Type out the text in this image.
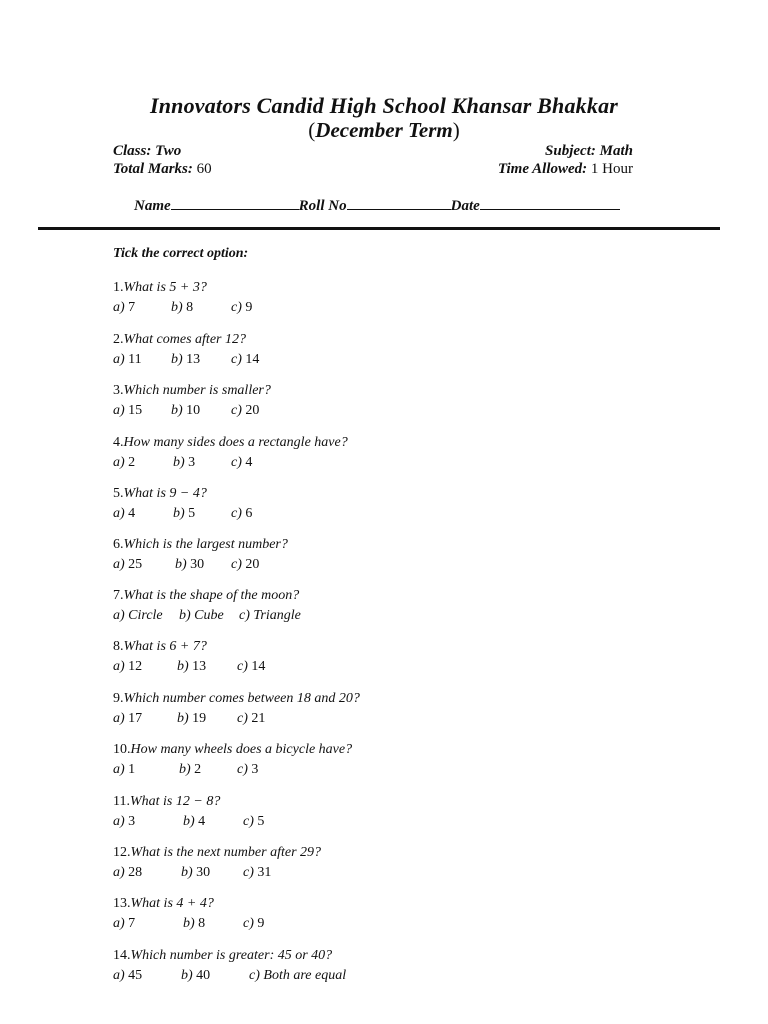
Innovators Candid High School Khansar Bhakkar
(December Term)
Class: Two	Subject: Math
Total Marks: 60	Time Allowed: 1 Hour
Name	Roll No	Date
Tick the correct option:
1.What is 5 + 3?
a) 7	b) 8	c) 9
2.What comes after 12?
a) 11	b) 13	c) 14
3.Which number is smaller?
a) 15	b) 10	c) 20
4.How many sides does a rectangle have?
a) 2	b) 3	c) 4
5.What is 9 − 4?
a) 4	b) 5	c) 6
6.Which is the largest number?
a) 25	b) 30	c) 20
7.What is the shape of the moon?
a) Circle	b) Cube	c) Triangle
8.What is 6 + 7?
a) 12	b) 13	c) 14
9.Which number comes between 18 and 20?
a) 17	b) 19	c) 21
10.How many wheels does a bicycle have?
a) 1	b) 2	c) 3
11.What is 12 − 8?
a) 3	b) 4	c) 5
12.What is the next number after 29?
a) 28	b) 30	c) 31
13.What is 4 + 4?
a) 7	b) 8	c) 9
14.Which number is greater: 45 or 40?
a) 45	b) 40	c) Both are equal
